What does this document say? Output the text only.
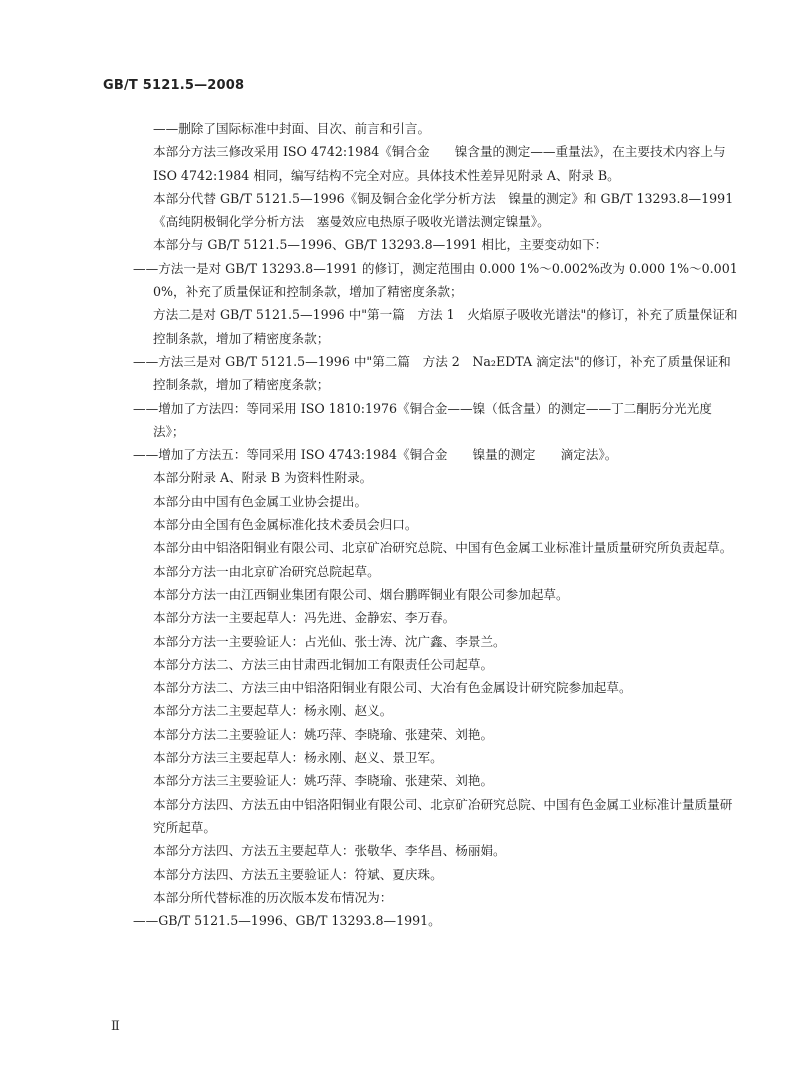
GB/T 5121.5—2008

——删除了国际标准中封面、目次、前言和引言。

本部分方法三修改采用 ISO 4742:1984《铜合金　　镍含量的测定——重量法》，在主要技术内容上与 ISO 4742:1984 相同，编写结构不完全对应。具体技术性差异见附录 A、附录 B。

本部分代替 GB/T 5121.5—1996《铜及铜合金化学分析方法　镍量的测定》和 GB/T 13293.8—1991《高纯阴极铜化学分析方法　塞曼效应电热原子吸收光谱法测定镍量》。

本部分与 GB/T 5121.5—1996、GB/T 13293.8—1991 相比，主要变动如下：

——方法一是对 GB/T 13293.8—1991 的修订，测定范围由 0.000 1%～0.002%改为 0.000 1%～0.001 0%，补充了质量保证和控制条款，增加了精密度条款；

方法二是对 GB/T 5121.5—1996 中"第一篇　方法 1　火焰原子吸收光谱法"的修订，补充了质量保证和控制条款，增加了精密度条款；

——方法三是对 GB/T 5121.5—1996 中"第二篇　方法 2　Na₂EDTA 滴定法"的修订，补充了质量保证和控制条款，增加了精密度条款；

——增加了方法四：等同采用 ISO 1810:1976《铜合金——镍（低含量）的测定——丁二酮肟分光光度法》；

——增加了方法五：等同采用 ISO 4743:1984《铜合金　　镍量的测定　　滴定法》。

本部分附录 A、附录 B 为资料性附录。

本部分由中国有色金属工业协会提出。

本部分由全国有色金属标准化技术委员会归口。

本部分由中铝洛阳铜业有限公司、北京矿冶研究总院、中国有色金属工业标准计量质量研究所负责起草。

本部分方法一由北京矿冶研究总院起草。

本部分方法一由江西铜业集团有限公司、烟台鹏晖铜业有限公司参加起草。

本部分方法一主要起草人：冯先进、金静宏、李万春。

本部分方法一主要验证人：占光仙、张士涛、沈广鑫、李景兰。

本部分方法二、方法三由甘肃西北铜加工有限责任公司起草。

本部分方法二、方法三由中铝洛阳铜业有限公司、大冶有色金属设计研究院参加起草。

本部分方法二主要起草人：杨永刚、赵义。

本部分方法二主要验证人：姚巧萍、李晓瑜、张建荣、刘艳。

本部分方法三主要起草人：杨永刚、赵义、景卫军。

本部分方法三主要验证人：姚巧萍、李晓瑜、张建荣、刘艳。

本部分方法四、方法五由中铝洛阳铜业有限公司、北京矿冶研究总院、中国有色金属工业标准计量质量研究所起草。

本部分方法四、方法五主要起草人：张敬华、李华昌、杨丽娟。

本部分方法四、方法五主要验证人：符斌、夏庆珠。

本部分所代替标准的历次版本发布情况为：

——GB/T 5121.5—1996、GB/T 13293.8—1991。

Ⅱ
